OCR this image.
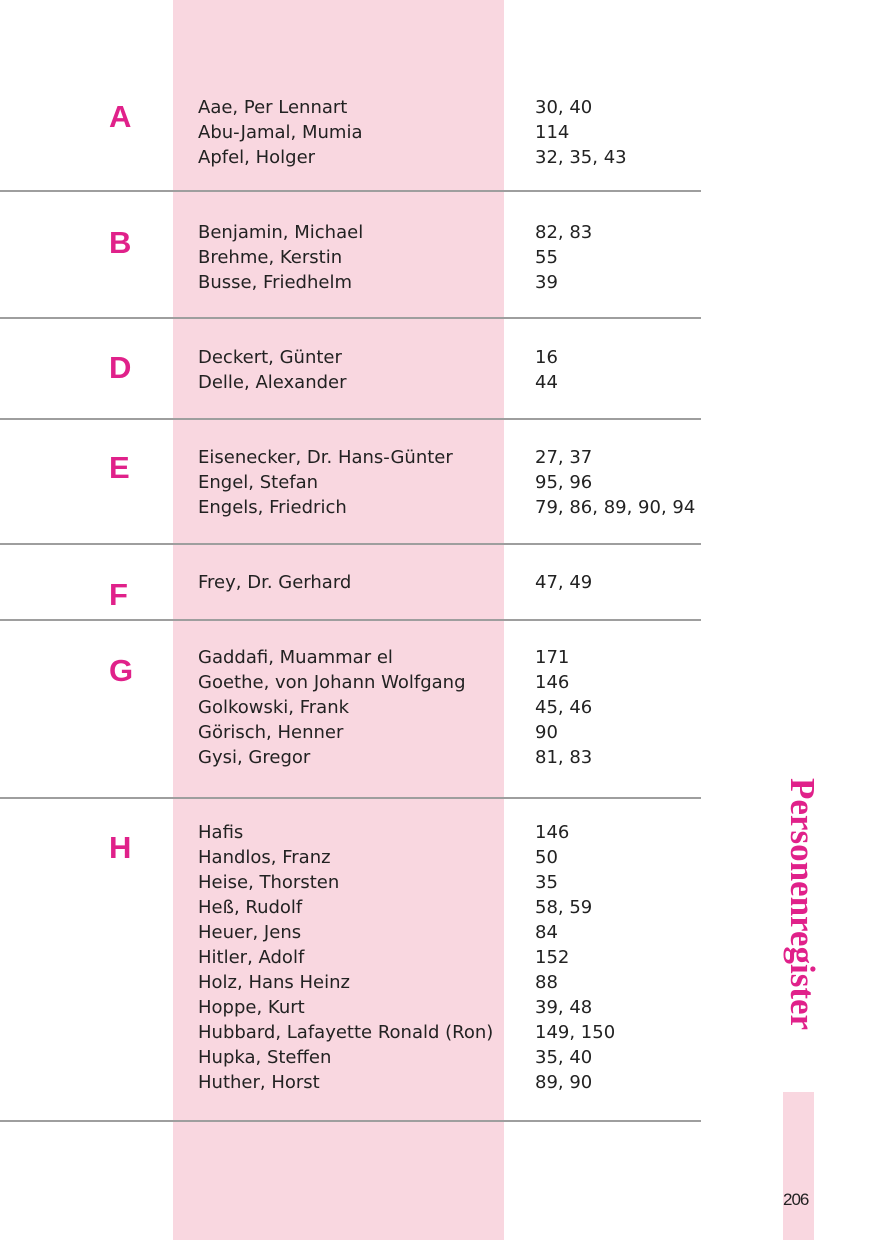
A	Aae, Per Lennart	30, 40
Abu-Jamal, Mumia	114
Apfel, Holger	32, 35, 43
B	Benjamin, Michael	82, 83
Brehme, Kerstin	55
Busse, Friedhelm	39
D	Deckert, Günter	16
Delle, Alexander	44
E	Eisenecker, Dr. Hans-Günter	27, 37
Engel, Stefan	95, 96
Engels, Friedrich	79, 86, 89, 90, 94
F	Frey, Dr. Gerhard	47, 49
G	Gaddafi, Muammar el	171
Goethe, von Johann Wolfgang	146
Golkowski, Frank	45, 46
Görisch, Henner	90
Gysi, Gregor	81, 83
H	Hafis	146
Handlos, Franz	50
Heise, Thorsten	35
Heß, Rudolf	58, 59
Heuer, Jens	84
Hitler, Adolf	152
Holz, Hans Heinz	88
Hoppe, Kurt	39, 48
Hubbard, Lafayette Ronald (Ron) 149, 150
Hupka, Steffen	35, 40
Huther, Horst	89, 90
Personenregister
206
